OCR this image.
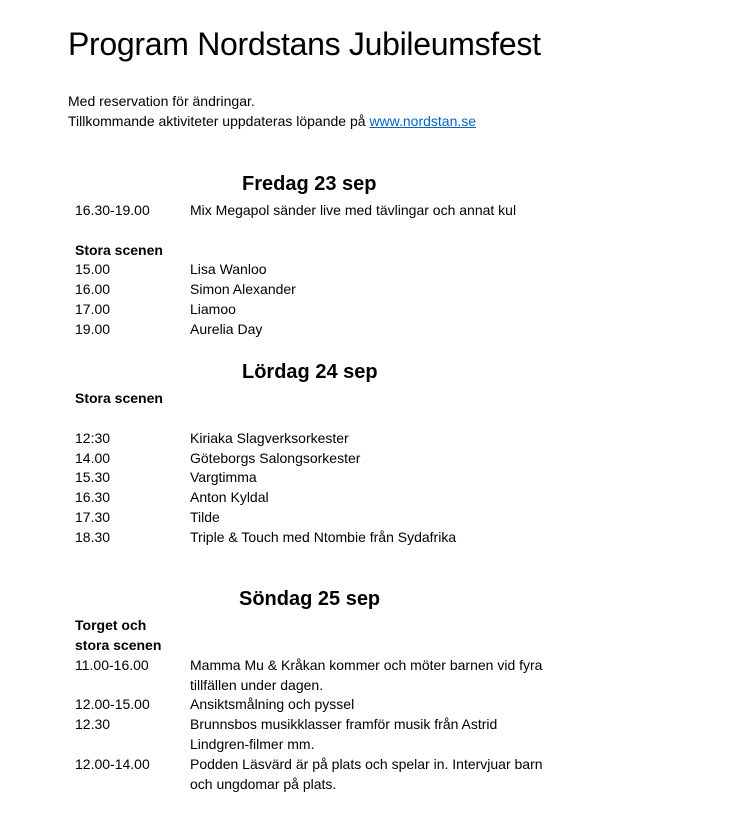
Program Nordstans Jubileumsfest
Med reservation för ändringar.
Tillkommande aktiviteter uppdateras löpande på www.nordstan.se
Fredag 23 sep
16.30-19.00	Mix Megapol sänder live med tävlingar och annat kul
Stora scenen
15.00	Lisa Wanloo
16.00	Simon Alexander
17.00	Liamoo
19.00	Aurelia Day
Lördag 24 sep
Stora scenen
12:30	Kiriaka Slagverksorkester
14.00	Göteborgs Salongsorkester
15.30	Vargtimma
16.30	Anton Kyldal
17.30	Tilde
18.30	Triple & Touch med Ntombie från Sydafrika
Söndag 25 sep
Torget och
stora scenen
11.00-16.00	Mamma Mu & Kråkan kommer och möter barnen vid fyra tillfällen under dagen.
12.00-15.00	Ansiktsmålning och pyssel
12.30	Brunnsbos musikklasser framför musik från Astrid Lindgren-filmer mm.
12.00-14.00	Podden Läsvärd är på plats och spelar in. Intervjuar barn och ungdomar på plats.
